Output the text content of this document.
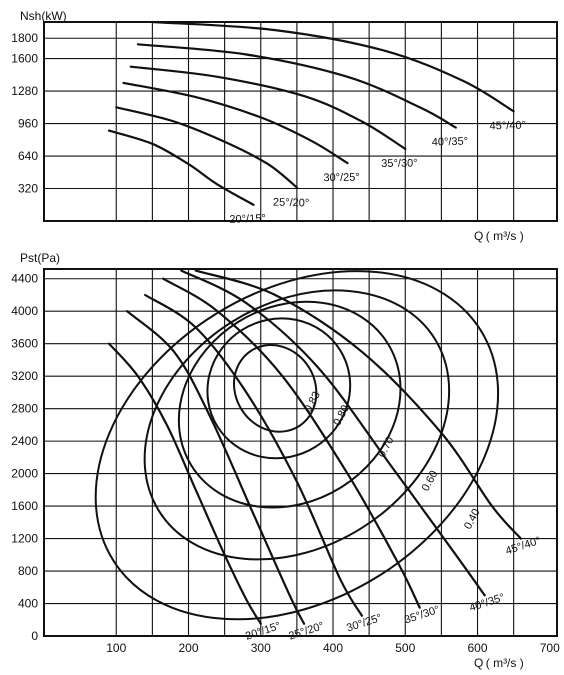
Nsh(kW)
Q ( m³/s )
320
640
960
1280
1600
1800
20°/15°
25°/20°
30°/25°
35°/30°
40°/35°
45°/40°
Pst(Pa)
Q ( m³/s )
0
400
800
1200
1600
2000
2400
2800
3200
3600
4000
4400
100	200	300	400	500	600	700
0.83
0.80
0.70
0.60
0.40
20°/15° 25°/20° 30°/25° 35°/30°
40°/35°
45°/40°
